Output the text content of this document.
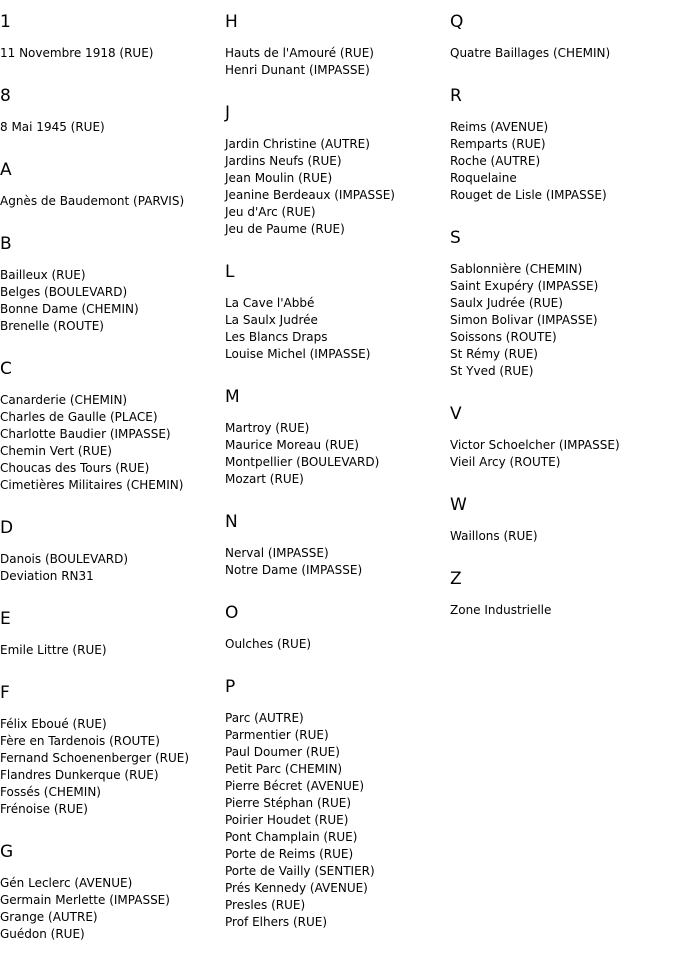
1
11 Novembre 1918 (RUE)
8
8 Mai 1945 (RUE)
A
Agnès de Baudemont (PARVIS)
B
Bailleux (RUE)
Belges (BOULEVARD)
Bonne Dame (CHEMIN)
Brenelle (ROUTE)
C
Canarderie (CHEMIN)
Charles de Gaulle (PLACE)
Charlotte Baudier (IMPASSE)
Chemin Vert (RUE)
Choucas des Tours (RUE)
Cimetières Militaires (CHEMIN)
D
Danois (BOULEVARD)
Deviation RN31
E
Emile Littre (RUE)
F
Félix Eboué (RUE)
Fère en Tardenois (ROUTE)
Fernand Schoenenberger (RUE)
Flandres Dunkerque (RUE)
Fossés (CHEMIN)
Frénoise (RUE)
G
Gén Leclerc (AVENUE)
Germain Merlette (IMPASSE)
Grange (AUTRE)
Guédon (RUE)
H
Hauts de l'Amouré (RUE)
Henri Dunant (IMPASSE)
J
Jardin Christine (AUTRE)
Jardins Neufs (RUE)
Jean Moulin (RUE)
Jeanine Berdeaux (IMPASSE)
Jeu d'Arc (RUE)
Jeu de Paume (RUE)
L
La Cave l'Abbé
La Saulx Judrée
Les Blancs Draps
Louise Michel (IMPASSE)
M
Martroy (RUE)
Maurice Moreau (RUE)
Montpellier (BOULEVARD)
Mozart (RUE)
N
Nerval (IMPASSE)
Notre Dame (IMPASSE)
O
Oulches (RUE)
P
Parc (AUTRE)
Parmentier (RUE)
Paul Doumer (RUE)
Petit Parc (CHEMIN)
Pierre Bécret (AVENUE)
Pierre Stéphan (RUE)
Poirier Houdet (RUE)
Pont Champlain (RUE)
Porte de Reims (RUE)
Porte de Vailly (SENTIER)
Prés Kennedy (AVENUE)
Presles (RUE)
Prof Elhers (RUE)
Q
Quatre Baillages (CHEMIN)
R
Reims (AVENUE)
Remparts (RUE)
Roche (AUTRE)
Roquelaine
Rouget de Lisle (IMPASSE)
S
Sablonnière (CHEMIN)
Saint Exupéry (IMPASSE)
Saulx Judrée (RUE)
Simon Bolivar (IMPASSE)
Soissons (ROUTE)
St Rémy (RUE)
St Yved (RUE)
V
Victor Schoelcher (IMPASSE)
Vieil Arcy (ROUTE)
W
Waillons (RUE)
Z
Zone Industrielle
